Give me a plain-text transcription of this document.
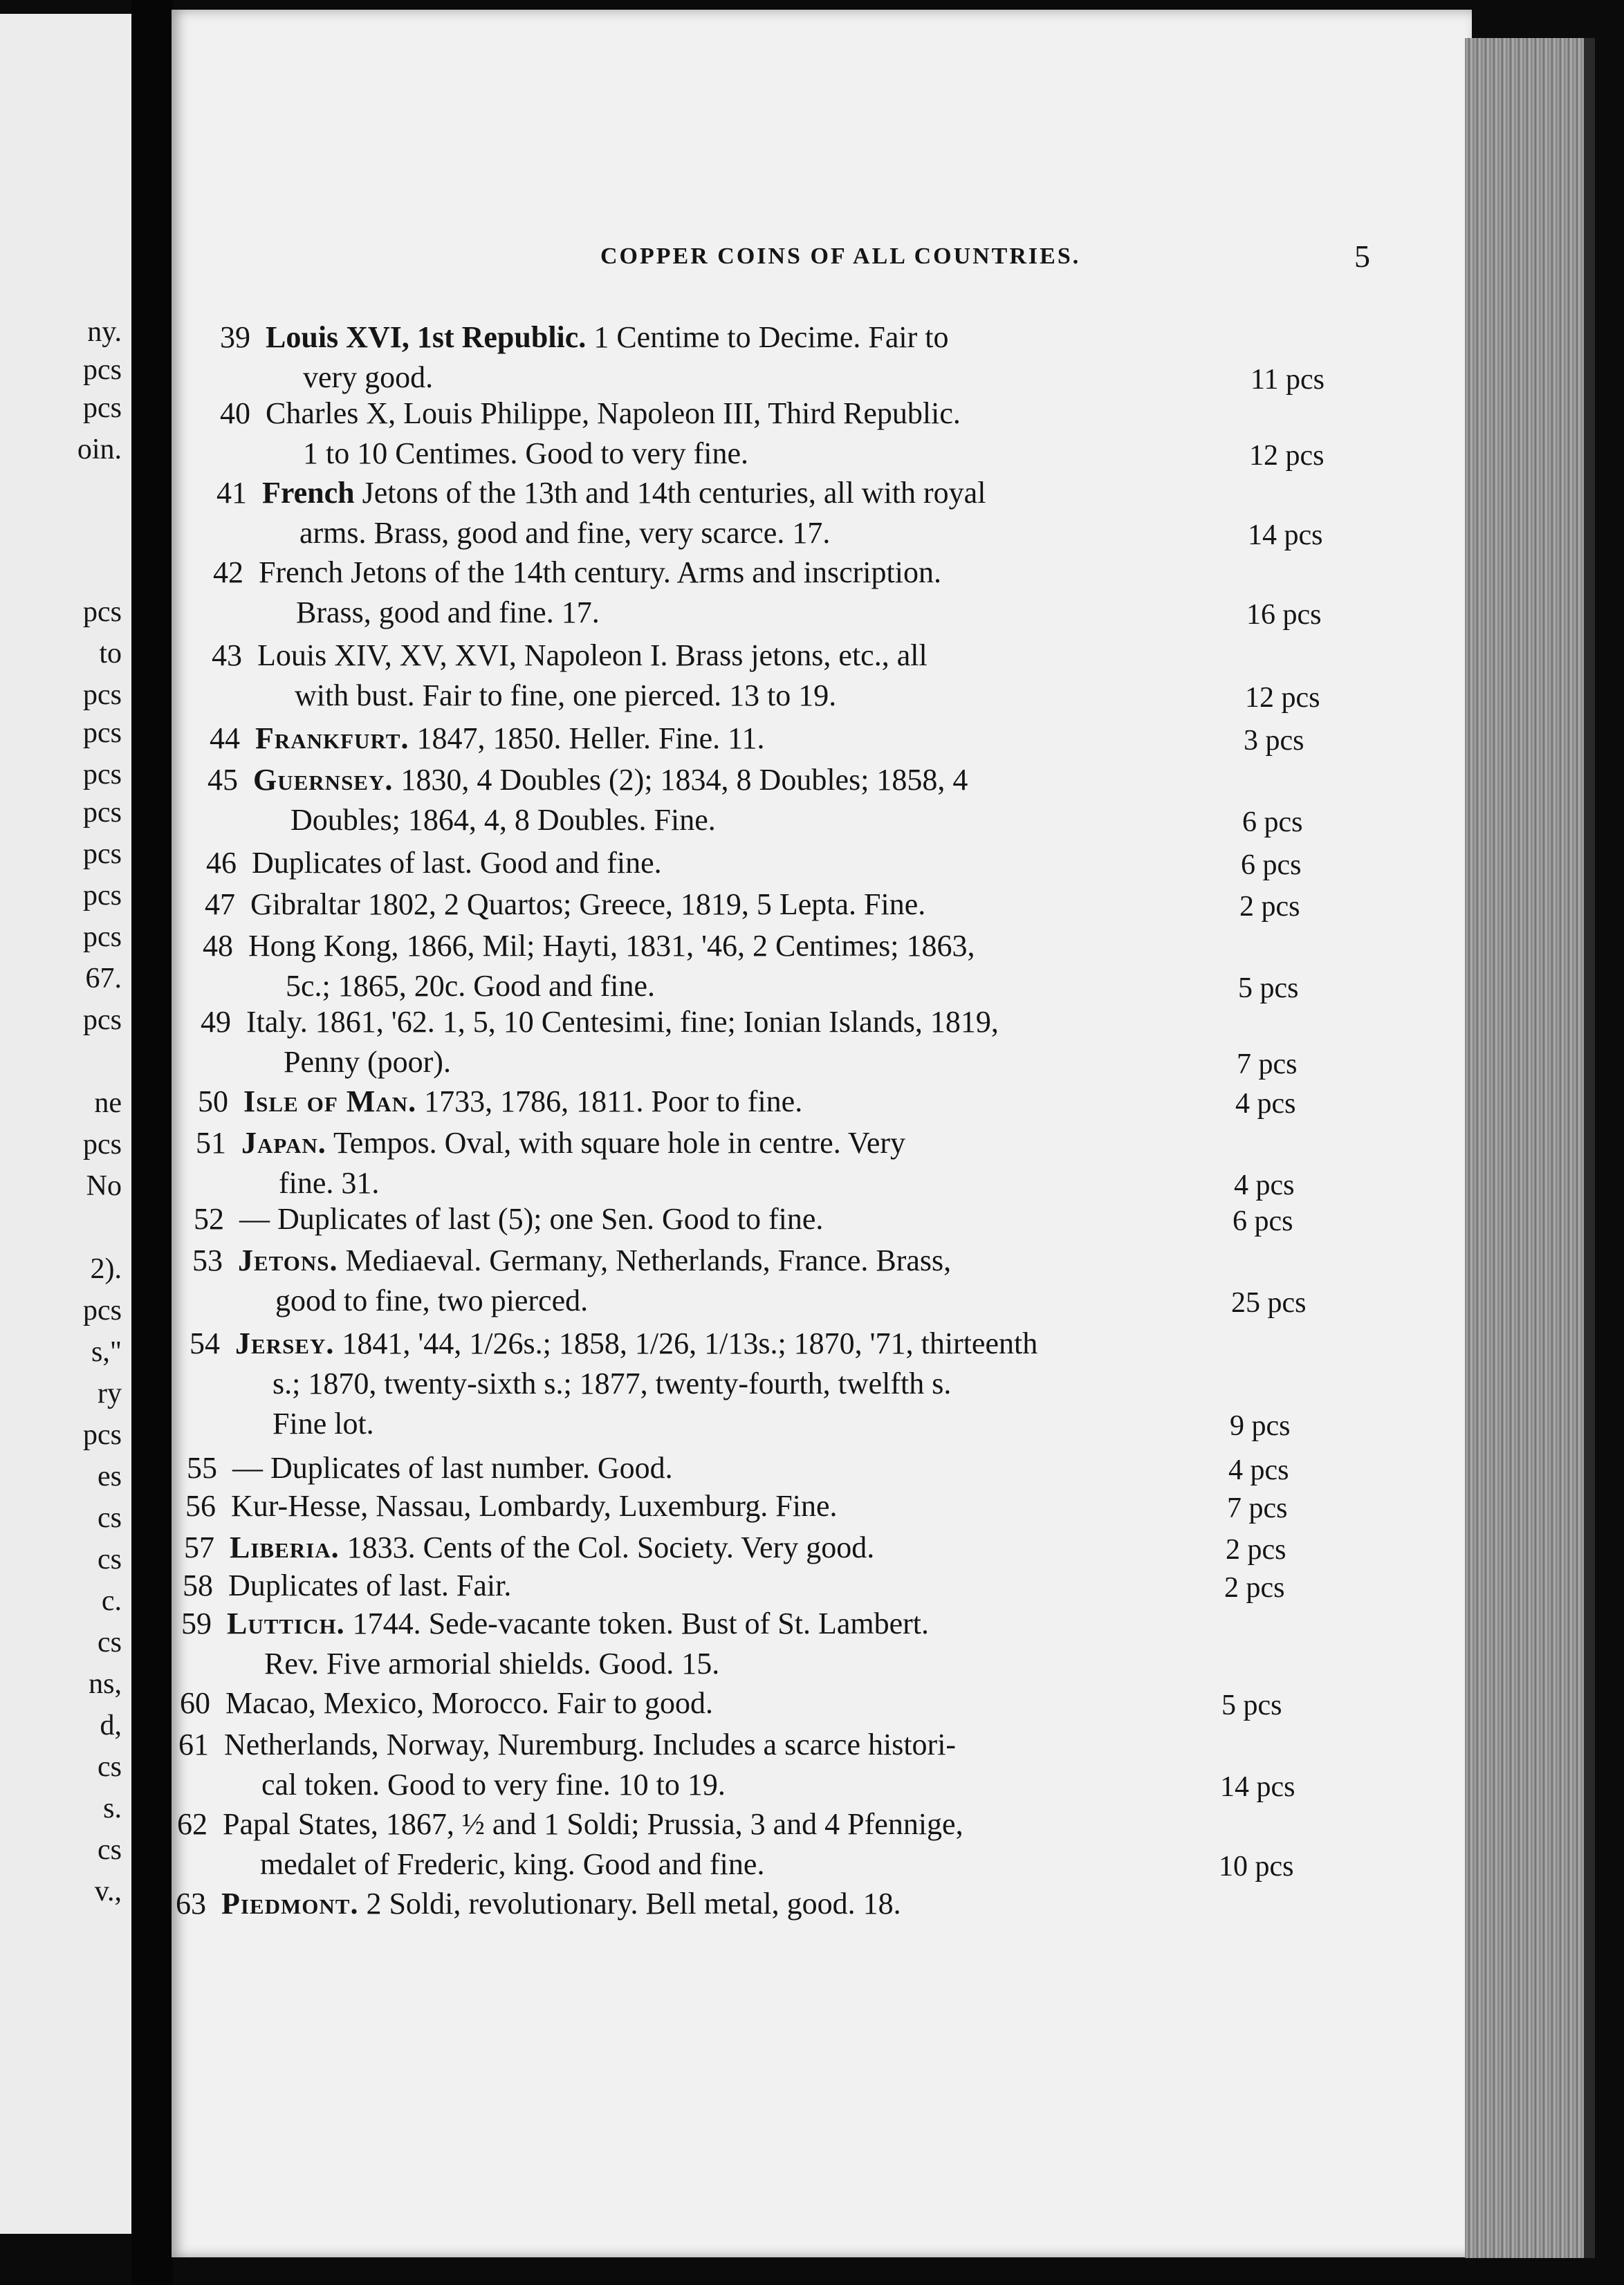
ny.
pcs
pcs
oin.
pcs
to
pcs
pcs
pcs
pcs
pcs
pcs
pcs
67.
pcs
ne
pcs
No
2).
pcs
s,"
ry
pcs
es
cs
cs
c.
cs
ns,
d,
cs
s.
cs
v.,
COPPER COINS OF ALL COUNTRIES.	5
39 Louis XVI, 1st Republic. 1 Centime to Decime. Fair to
very good.	11 pcs
40 Charles X, Louis Philippe, Napoleon III, Third Republic.
1 to 10 Centimes. Good to very fine.	12 pcs
41 French Jetons of the 13th and 14th centuries, all with royal
arms. Brass, good and fine, very scarce. 17.	14 pcs
42 French Jetons of the 14th century. Arms and inscription.
Brass, good and fine. 17.	16 pcs
43 Louis XIV, XV, XVI, Napoleon I. Brass jetons, etc., all
with bust. Fair to fine, one pierced. 13 to 19.	12 pcs
44 Frankfurt. 1847, 1850. Heller. Fine. 11.	3 pcs
45 Guernsey. 1830, 4 Doubles (2); 1834, 8 Doubles; 1858, 4
Doubles; 1864, 4, 8 Doubles. Fine.	6 pcs
46 Duplicates of last. Good and fine.	6 pcs
47 Gibraltar 1802, 2 Quartos; Greece, 1819, 5 Lepta. Fine.	2 pcs
48 Hong Kong, 1866, Mil; Hayti, 1831, '46, 2 Centimes; 1863,
5c.; 1865, 20c. Good and fine.	5 pcs
49 Italy. 1861, '62. 1, 5, 10 Centesimi, fine; Ionian Islands, 1819,
Penny (poor).	7 pcs
50 Isle of Man. 1733, 1786, 1811. Poor to fine.	4 pcs
51 Japan. Tempos. Oval, with square hole in centre. Very
fine. 31.	4 pcs
52 — Duplicates of last (5); one Sen. Good to fine.	6 pcs
53 Jetons. Mediaeval. Germany, Netherlands, France. Brass,
good to fine, two pierced.	25 pcs
54 Jersey. 1841, '44, 1/26s.; 1858, 1/26, 1/13s.; 1870, '71, thirteenth
s.; 1870, twenty-sixth s.; 1877, twenty-fourth, twelfth s.
Fine lot.	9 pcs
55 — Duplicates of last number. Good.	4 pcs
56 Kur-Hesse, Nassau, Lombardy, Luxemburg. Fine.	7 pcs
57 Liberia. 1833. Cents of the Col. Society. Very good.	2 pcs
58 Duplicates of last. Fair.	2 pcs
59 Luttich. 1744. Sede-vacante token. Bust of St. Lambert.
Rev. Five armorial shields. Good. 15.
60 Macao, Mexico, Morocco. Fair to good.	5 pcs
61 Netherlands, Norway, Nuremburg. Includes a scarce histori-
cal token. Good to very fine. 10 to 19.	14 pcs
62 Papal States, 1867, ½ and 1 Soldi; Prussia, 3 and 4 Pfennige,
medalet of Frederic, king. Good and fine.	10 pcs
63 Piedmont. 2 Soldi, revolutionary. Bell metal, good. 18.
